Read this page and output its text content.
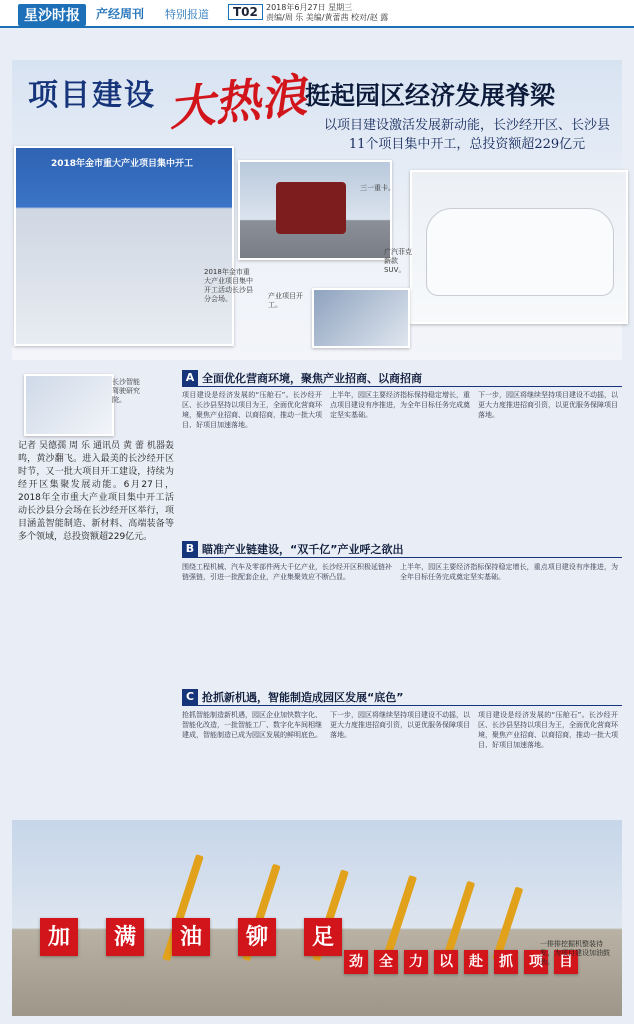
星沙时报	产经周刊 特别报道	T02	2018年6月27日 星期三
责编/周 乐 美编/黄蕾茜 校对/赵 露
项目建设 大热浪
挺起园区经济发展脊梁
以项目建设激活发展新动能，长沙经开区、长沙县11个项目集中开工，总投资额超229亿元
2018年金市重大产业项目集中开工
2018年金市重大产业项目集中开工活动长沙县分会场。
三一重卡。
广汽菲克新款SUV。
产业项目开工。
长沙智能驾驶研究院。
记者 吴德孺 周 乐 通讯员 黄 蕾 机器轰鸣，黄沙翻飞。进入最美的长沙经开区时节，又一批大项目开工建设，持续为经开区集聚发展动能。6月27日，2018年全市重大产业项目集中开工活动长沙县分会场在长沙经开区举行，项目涵盖智能制造、新材料、高端装备等多个领域，总投资额超229亿元。
A 全面优化营商环境，聚焦产业招商、以商招商
项目建设是经济发展的“压舱石”。长沙经开区、长沙县坚持以项目为王，全面优化营商环境，聚焦产业招商、以商招商，推动一批大项目、好项目加速落地。
上半年，园区主要经济指标保持稳定增长，重点项目建设有序推进，为全年目标任务完成奠定坚实基础。
下一步，园区将继续坚持项目建设不动摇，以更大力度推进招商引资，以更优服务保障项目落地。
B 瞄准产业链建设，“双千亿”产业呼之欲出
围绕工程机械、汽车及零部件两大千亿产业，长沙经开区积极延链补链强链，引进一批配套企业，产业集聚效应不断凸显。
上半年，园区主要经济指标保持稳定增长，重点项目建设有序推进，为全年目标任务完成奠定坚实基础。
C 抢抓新机遇，智能制造成园区发展“底色”
抢抓智能制造新机遇，园区企业加快数字化、智能化改造，一批智能工厂、数字化车间相继建成，智能制造已成为园区发展的鲜明底色。
下一步，园区将继续坚持项目建设不动摇，以更大力度推进招商引资，以更优服务保障项目落地。
项目建设是经济发展的“压舱石”。长沙经开区、长沙县坚持以项目为王，全面优化营商环境，聚焦产业招商、以商招商，推动一批大项目、好项目加速落地。
加	满	油	铆	足
劲	全	力	以	赴	抓	项	目
一排排挖掘机整装待发，为项目建设加油鼓劲。
